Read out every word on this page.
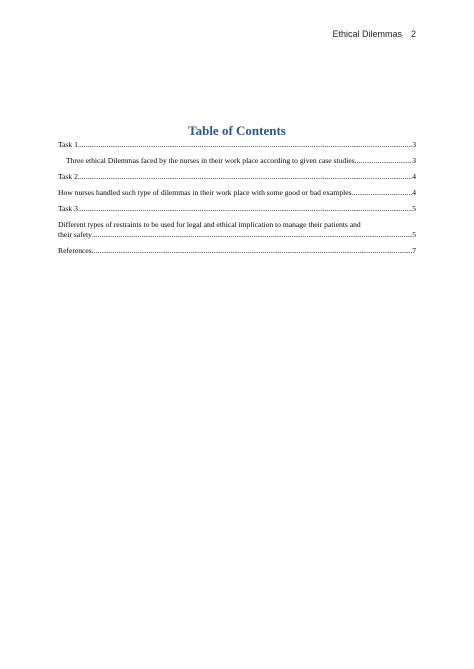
Ethical Dilemmas 2
Table of Contents
Task 1 .....	3
Three ethical Dilemmas faced by the nurses in their work place according to given case studies .....	3
Task 2 .....	4
How nurses handled such type of dilemmas in their work place with some good or bad examples .....	4
Task 3 .....	5
Different types of restraints to be used for legal and ethical implication to manage their patients and
their safety .....	5
References .....	7
